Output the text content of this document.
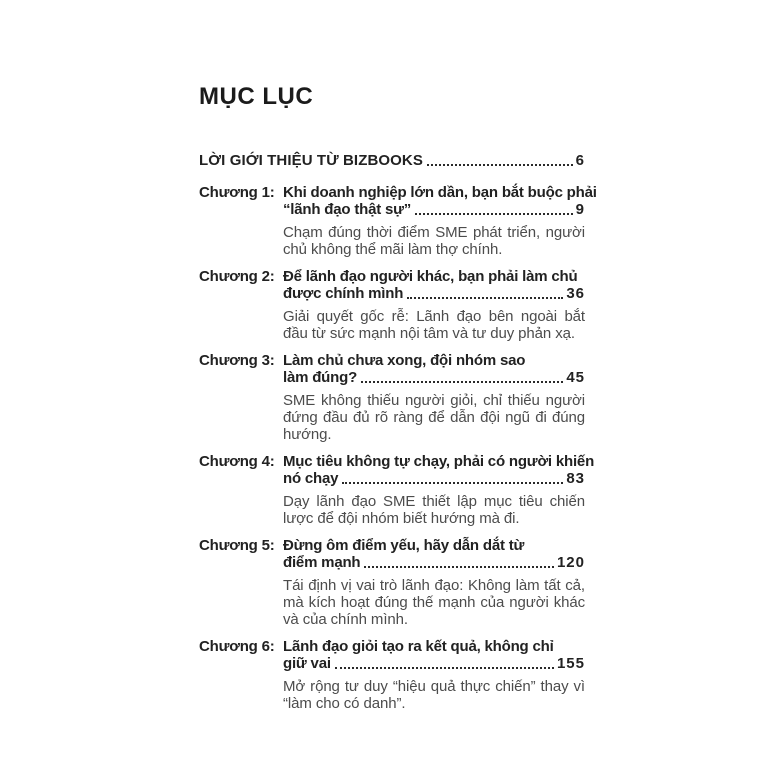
MỤC LỤC
LỜI GIỚI THIỆU TỪ BIZBOOKS	6
Chương 1: Khi doanh nghiệp lớn dần, bạn bắt buộc phải
“lãnh đạo thật sự”	9

Chạm đúng thời điểm SME phát triển, người chủ không thể mãi làm thợ chính.

Chương 2: Để lãnh đạo người khác, bạn phải làm chủ
được chính mình	36

Giải quyết gốc rễ: Lãnh đạo bên ngoài bắt đầu từ sức mạnh nội tâm và tư duy phản xạ.

Chương 3: Làm chủ chưa xong, đội nhóm sao
làm đúng?	45

SME không thiếu người giỏi, chỉ thiếu người đứng đầu đủ rõ ràng để dẫn đội ngũ đi đúng hướng.

Chương 4: Mục tiêu không tự chạy, phải có người khiến
nó chạy	83

Dạy lãnh đạo SME thiết lập mục tiêu chiến lược để đội nhóm biết hướng mà đi.

Chương 5: Đừng ôm điểm yếu, hãy dẫn dắt từ
điểm mạnh	120

Tái định vị vai trò lãnh đạo: Không làm tất cả, mà kích hoạt đúng thế mạnh của người khác và của chính mình.

Chương 6: Lãnh đạo giỏi tạo ra kết quả, không chỉ
giữ vai	155

Mở rộng tư duy “hiệu quả thực chiến” thay vì “làm cho có danh”.
